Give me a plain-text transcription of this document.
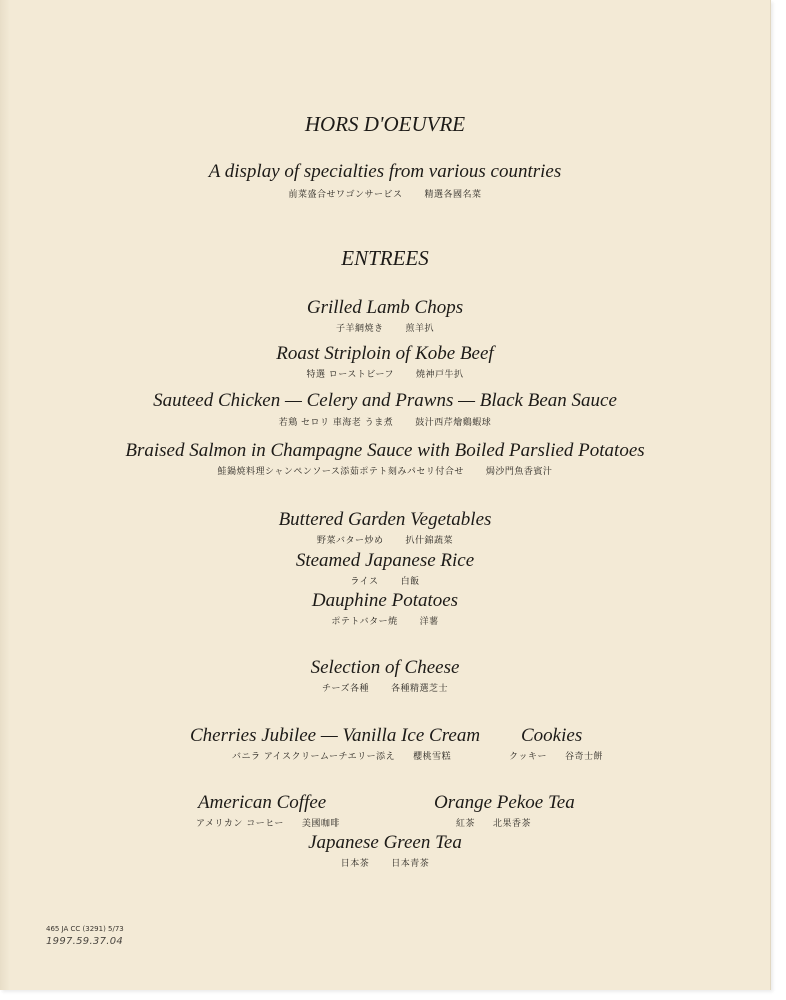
HORS D'OEUVRE
A display of specialties from various countries
前菜盛合せワゴンサービス 精選各國名菜
ENTREES
Grilled Lamb Chops
子羊網焼き 煎羊扒
Roast Striploin of Kobe Beef
特選 ローストビーフ 燒神戸牛扒
Sauteed Chicken — Celery and Prawns — Black Bean Sauce
若鶏 セロリ 車海老 うま煮 鼓汁西芹燴鷄蝦球
Braised Salmon in Champagne Sauce with Boiled Parslied Potatoes
鮭鍋焼料理シャンペンソース添茹ポテト刻みパセリ付合せ 焗沙門魚香賓汁
Buttered Garden Vegetables
野菜バター炒め 扒什錦蔬菜
Steamed Japanese Rice
ライス 白飯
Dauphine Potatoes
ポテトバター焼 洋薯
Selection of Cheese
チーズ各種 各種精選芝士
Cherries Jubilee — Vanilla Ice Cream
バニラ アイスクリームーチエリー添え 櫻桃雪糕
Cookies
クッキー 谷奇士餅
American Coffee
アメリカン コーヒー 美國咖啡
Orange Pekoe Tea
紅茶 北果香茶
Japanese Green Tea
日本茶 日本青茶
465 JA CC (3291) 5/73
1997.59.37.04
